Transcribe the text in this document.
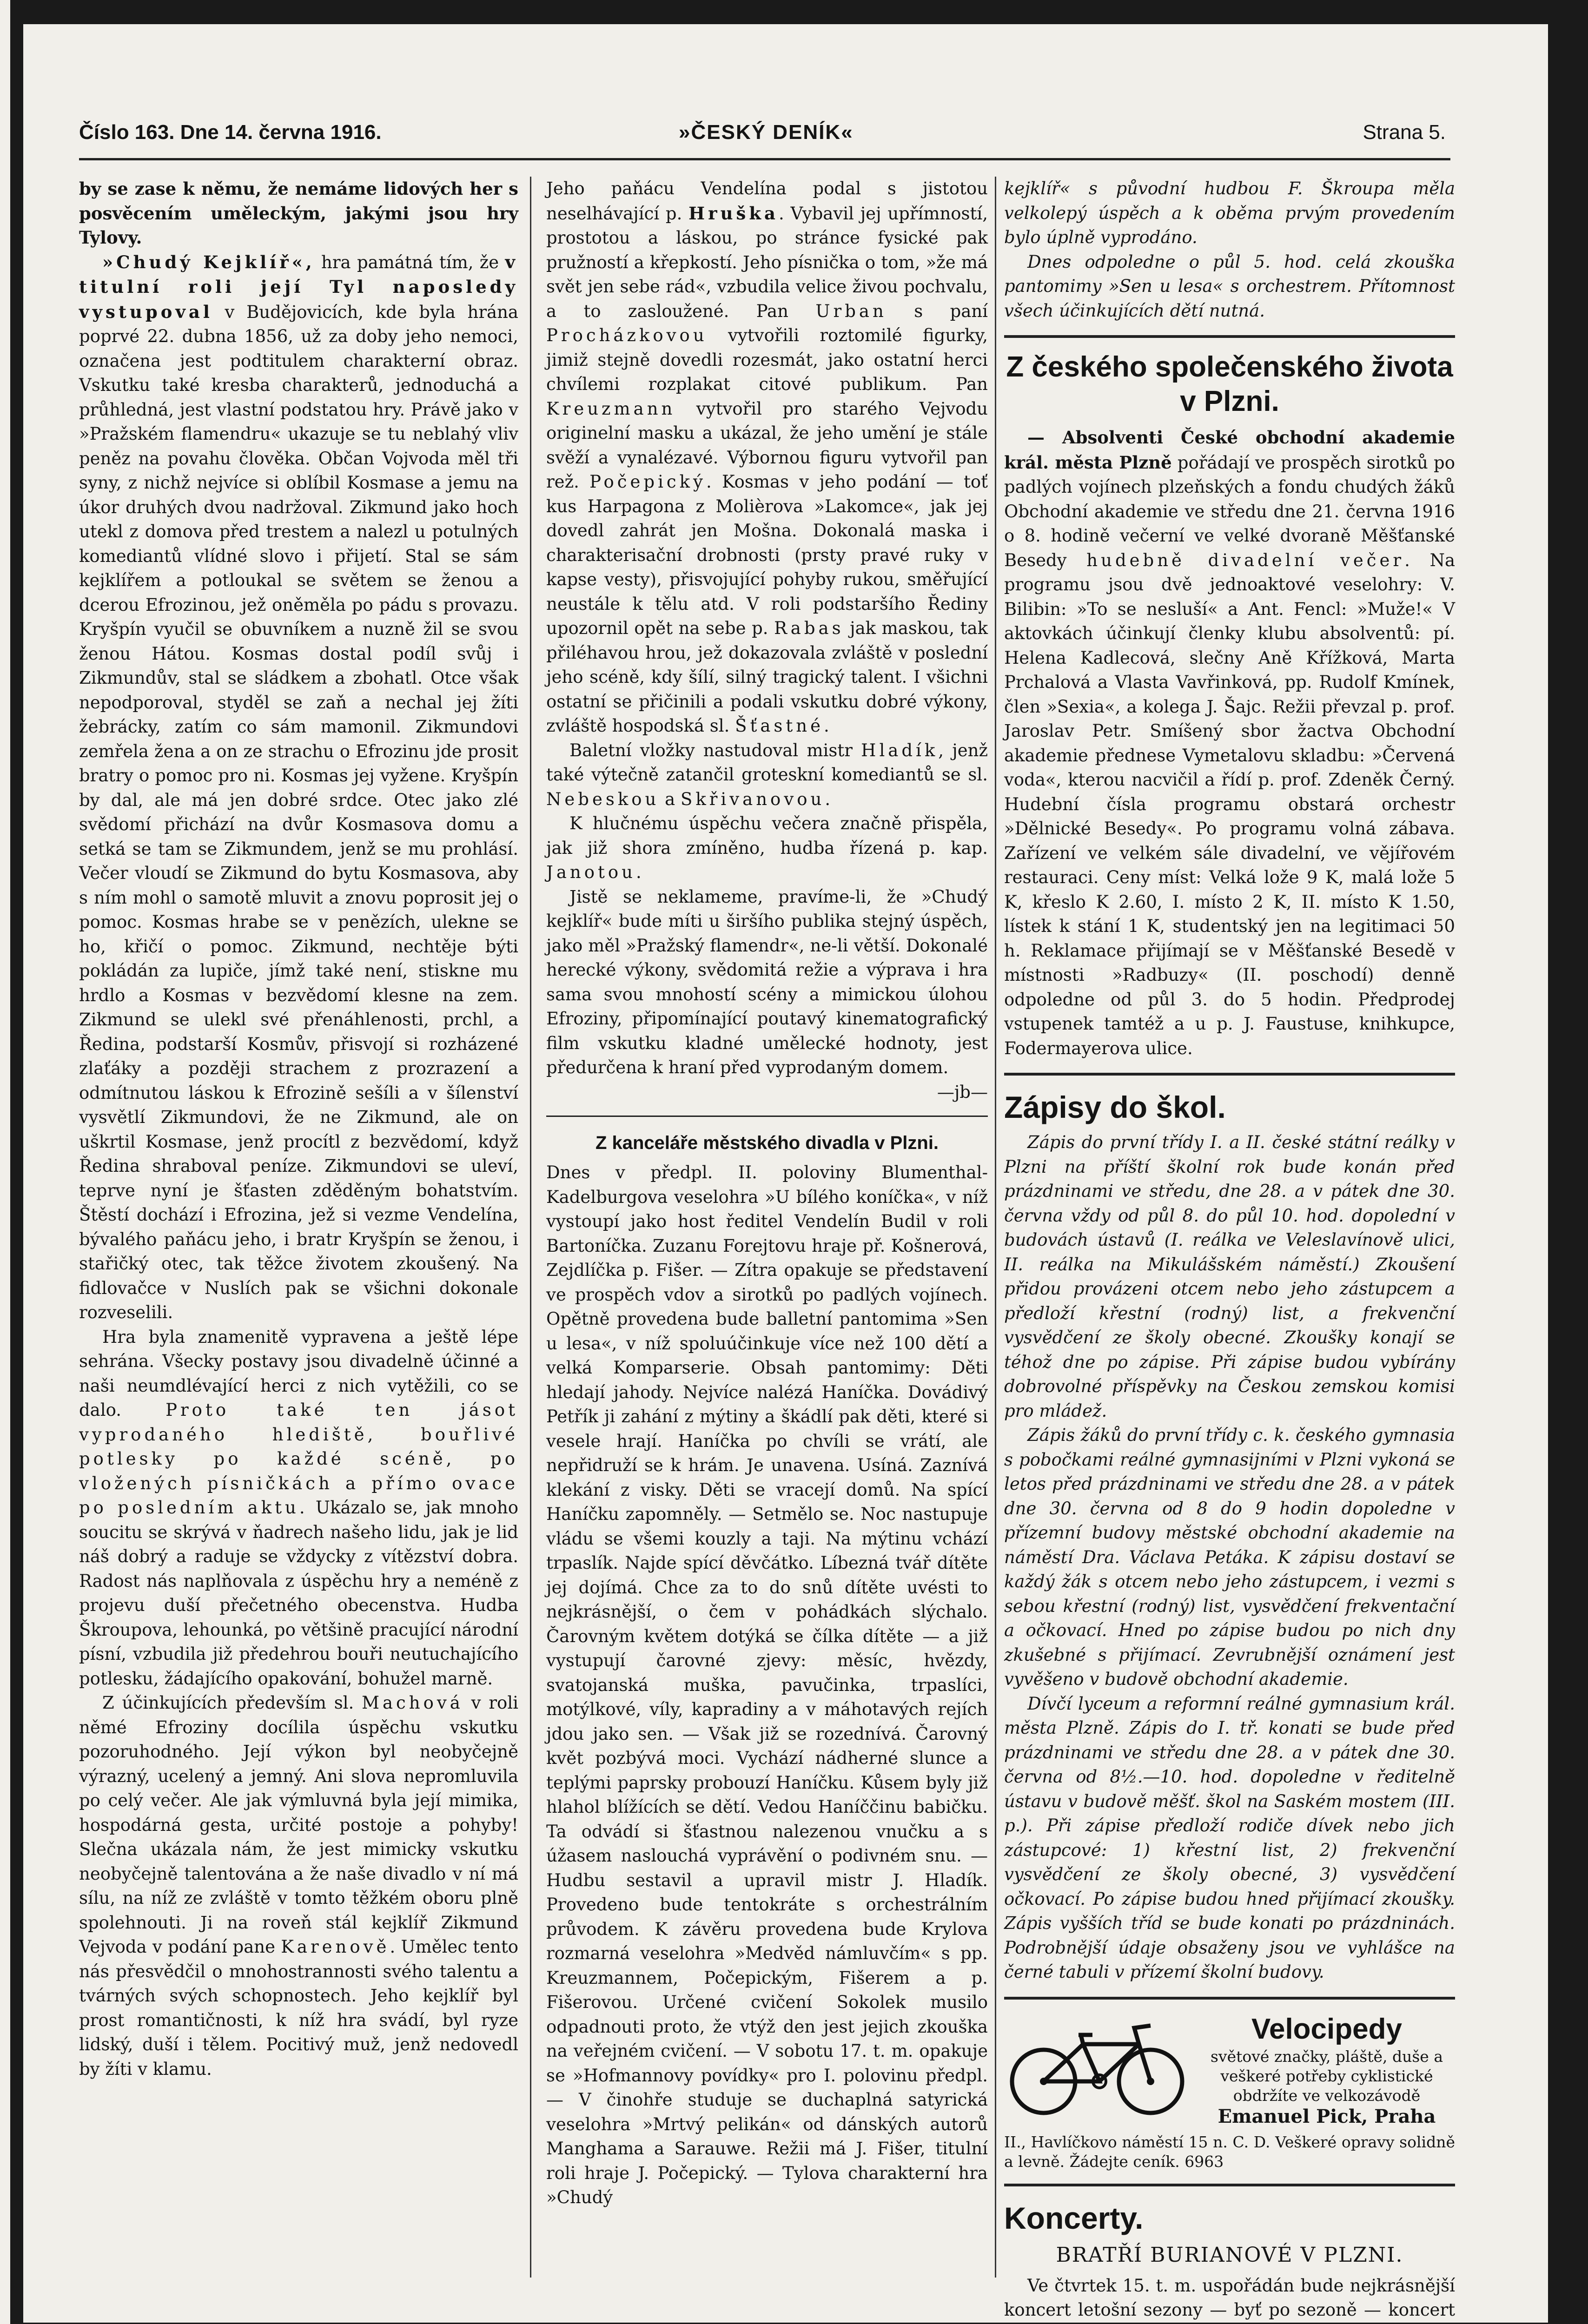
Číslo 163. Dne 14. června 1916.	»ČESKÝ DENÍK«	Strana 5.

by se zase k němu, že nemáme lidových her s posvěcením uměleckým, jakými jsou hry Tylovy.

»Chudý Kejklíř«, hra památná tím, že v titulní roli její Tyl naposledy vystupoval v Budějovicích, kde byla hrána poprvé 22. dubna 1856, už za doby jeho nemoci, označena jest podtitulem charakterní obraz. Vskutku také kresba charakterů, jednoduchá a průhledná, jest vlastní podstatou hry. Právě jako v »Pražském flamendru« ukazuje se tu neblahý vliv peněz na povahu člověka. Občan Vojvoda měl tři syny, z nichž nejvíce si oblíbil Kosmase a jemu na úkor druhých dvou nadržoval. Zikmund jako hoch utekl z domova před trestem a nalezl u potulných komediantů vlídné slovo i přijetí. Stal se sám kejklířem a potloukal se světem se ženou a dcerou Efrozinou, jež oněměla po pádu s provazu. Kryšpín vyučil se obuvníkem a nuzně žil se svou ženou Hátou. Kosmas dostal podíl svůj i Zikmundův, stal se sládkem a zbohatl. Otce však nepodporoval, styděl se zaň a nechal jej žíti žebrácky, zatím co sám mamonil. Zikmundovi zemřela žena a on ze strachu o Efrozinu jde prosit bratry o pomoc pro ni. Kosmas jej vyžene. Kryšpín by dal, ale má jen dobré srdce. Otec jako zlé svědomí přichází na dvůr Kosmasova domu a setká se tam se Zikmundem, jenž se mu prohlásí. Večer vloudí se Zikmund do bytu Kosmasova, aby s ním mohl o samotě mluvit a znovu poprosit jej o pomoc. Kosmas hrabe se v penězích, uleknе se ho, křičí o pomoc. Zikmund, nechtěje býti pokládán za lupiče, jímž také není, stiskne mu hrdlo a Kosmas v bezvědomí klesne na zem. Zikmund se ulekl své přenáhlenosti, prchl, a Ředina, podstarší Kosmův, přisvojí si rozházené zlaťáky a později strachem z prozrazení a odmítnutou láskou k Efrozině sešíli a v šílenství vysvětlí Zikmundovi, že ne Zikmund, ale on uškrtil Kosmase, jenž procítl z bezvědomí, když Ředina shraboval peníze. Zikmundovi se uleví, teprve nyní je šťasten zděděným bohatstvím. Štěstí dochází i Efrozina, jež si vezme Vendelína, bývalého paňácu jeho, i bratr Kryšpín se ženou, i stařičký otec, tak těžce životem zkoušený. Na fidlovačce v Nuslích pak se všichni dokonale rozveselili.

Hra byla znamenitě vypravena a ještě lépe sehrána. Všecky postavy jsou divadelně účinné a naši neumdlévající herci z nich vytěžili, co se dalo. Proto také ten jásot vyprodaného hlediště, bouřlivé potlesky po každé scéně, po vložených písničkách a přímo ovace po posledním aktu. Ukázalo se, jak mnoho soucitu se skrývá v ňadrech našeho lidu, jak je lid náš dobrý a raduje se vždycky z vítězství dobra. Radost nás naplňovala z úspěchu hry a neméně z projevu duší přečetného obecenstva. Hudba Škroupova, lehounká, po většině pracující národní písní, vzbudila již předehrou bouři neutuchajícího potlesku, žádajícího opakování, bohužel marně.

Z účinkujících především sl. Machová v roli němé Efroziny docílila úspěchu vskutku pozoruhodného. Její výkon byl neobyčejně výrazný, ucelený a jemný. Ani slova nepromluvila po celý večer. Ale jak výmluvná byla její mimika, hospodárná gesta, určité postoje a pohyby! Slečna ukázala nám, že jest mimicky vskutku neobyčejně talentována a že naše divadlo v ní má sílu, na níž ze zvláště v tomto těžkém oboru plně spolehnouti. Ji na roveň stál kejklíř Zikmund Vejvoda v podání pane Karenově. Umělec tento nás přesvědčil o mnohostrannosti svého talentu a tvárných svých schopnostech. Jeho kejklíř byl prost romantičnosti, k níž hra svádí, byl ryze lidský, duší i tělem. Pocitivý muž, jenž nedovedl by žíti v klamu.

Jeho paňácu Vendelína podal s jistotou neselhávající p. Hruška. Vybavil jej upřímností, prostotou a láskou, po stránce fysické pak pružností a křepkostí. Jeho písnička o tom, »že má svět jen sebe rád«, vzbudila velice živou pochvalu, a to zasloužené. Pan Urban s paní Procházkovou vytvořili roztomilé figurky, jimiž stejně dovedli rozesmát, jako ostatní herci chvílemi rozplakat citové publikum. Pan Kreuzmann vytvořil pro starého Vejvodu originelní masku a ukázal, že jeho umění je stále svěží a vynalézavé. Výbornou figuru vytvořil pan rež. Počepický. Kosmas v jeho podání — toť kus Harpagona z Molièrova »Lakomce«, jak jej dovedl zahrát jen Mošna. Dokonalá maska i charakterisační drobnosti (prsty pravé ruky v kapse vesty), přisvojující pohyby rukou, směřující neustále k tělu atd. V roli podstaršího Řediny upozornil opět na sebe p. Rabas jak maskou, tak přiléhavou hrou, jež dokazovala zvláště v poslední jeho scéně, kdy šílí, silný tragický talent. I všichni ostatní se přičinili a podali vskutku dobré výkony, zvláště hospodská sl. Šťastné.

Baletní vložky nastudoval mistr Hladík, jenž také výtečně zatančil groteskní komediantů se sl. Nebeskou a Skřivanovou.

K hlučnému úspěchu večera značně přispěla, jak již shora zmíněno, hudba řízená p. kap. Janotou.

Jistě se neklameme, pravíme-li, že »Chudý kejklíř« bude míti u širšího publika stejný úspěch, jako měl »Pražský flamendr«, ne-li větší. Dokonalé herecké výkony, svědomitá režie a výprava i hra sama svou mnohostí scény a mimickou úlohou Efroziny, připomínající poutavý kinematografický film vskutku kladné umělecké hodnoty, jest předurčena k hraní před vyprodaným domem.

—jb—
Z kanceláře městského divadla v Plzni.

Dnes v předpl. II. polovinу Blumenthal-Kadelburgova veselohra »U bílého koníčka«, v níž vystoupí jako host ředitel Vendelín Budil v roli Bartoníčka. Zuzanu Forejtovu hraje př. Košnerová, Zejdlíčka p. Fišer. — Zítra opakuje se představení ve prospěch vdov a sirotků po padlých vojínech. Opětně provedena bude balletní pantomima »Sen u lesa«, v níž spoluúčinkuje více než 100 dětí a velká Komparserie. Obsah pantomimy: Děti hledají jahody. Nejvíce nalézá Haníčka. Dovádivý Petřík ji zahání z mýtiny a škádlí pak děti, které si vesele hrají. Haníčka po chvíli se vrátí, ale nepřidruží se k hrám. Je unavena. Usíná. Zaznívá klekání z visky. Děti se vracejí domů. Na spící Haníčku zapomněly. — Setmělo se. Noc nastupuje vládu se všemi kouzly a taji. Na mýtinu vchází trpaslík. Najde spící děvčátko. Líbezná tvář dítěte jej dojímá. Chce za to do snů dítěte uvésti to nejkrásnější, o čem v pohádkách slýchalo. Čarovným květem dotýká se čílka dítěte — a již vystupují čarovné zjevy: měsíc, hvězdy, svatojanská muška, pavučinka, trpaslíci, motýlkové, víly, kapradiny a v máhotavých rejích jdou jako sen. — Však již se rozednívá. Čarovný květ pozbývá moci. Vychází nádherné slunce a teplými paprsky probouzí Haníčku. Kůsem byly již hlahol blížících se dětí. Vedou Haníččinu babičku. Ta odvádí si šťastnou nalezenou vnučku a s úžasem naslouchá vyprávění o podivném snu. — Hudbu sestavil a upravil mistr J. Hladík. Provedeno bude tentokráte s orchestrálním průvodem. K závěru provedena bude Krylova rozmarná veselohra »Medvěd námluvčím« s pp. Kreuzmannem, Počepickým, Fišerem a p. Fišerovou. Určené cvičení Sokolek musilo odpadnouti proto, že vtýž den jest jejich zkouška na veřejném cvičení. — V sobotu 17. t. m. opakuje se »Hofmannovy povídky« pro I. polovinu předpl. — V činohře studuje se duchaplná satyrická veselohra »Mrtvý pelikán« od dánských autorů Manghama a Sarauwe. Režii má J. Fišer, titulní roli hraje J. Počepický. — Tylova charakterní hra »Chudý

kejklíř« s původní hudbou F. Škroupa měla velkolepý úspěch a k oběma prvým provedením bylo úplně vyprodáno.

Dnes odpoledne o půl 5. hod. celá zkouška pantomimy »Sen u lesa« s orchestrem. Přítomnost všech účinkujících dětí nutná.

Z českého společenského života v Plzni.

— Absolventi České obchodní akademie král. města Plzně pořádají ve prospěch sirotků po padlých vojínech plzeňských a fondu chudých žáků Obchodní akademie ve středu dne 21. června 1916 o 8. hodině večerní ve velké dvoraně Měšťanské Besedy hudebně divadelní večer. Na programu jsou dvě jednoaktové veselohry: V. Bilibin: »To se nesluší« a Ant. Fencl: »Muže!« V aktovkách účinkují členky klubu absolventů: pí. Helena Kadlecová, slečny Aně Křížková, Marta Prchalová a Vlasta Vavřinková, pp. Rudolf Kmínek, člen »Sexia«, a kolega J. Šajc. Režii převzal p. prof. Jaroslav Petr. Smíšený sbor žactva Obchodní akademie přednese Vymetalovu skladbu: »Červená voda«, kterou nacvičil a řídí p. prof. Zdeněk Černý. Hudební čísla programu obstará orchestr »Dělnické Besedy«. Po programu volná zábava. Zařízení ve velkém sále divadelní, ve vějířovém restauraci. Ceny míst: Velká lože 9 K, malá lože 5 K, křeslo K 2.60, I. místo 2 K, II. místo K 1.50, lístek k stání 1 K, studentský jen na legitimaci 50 h. Reklamace přijímají se v Měšťanské Besedě v místnosti »Radbuzy« (II. poschodí) denně odpoledne od půl 3. do 5 hodin. Předprodej vstupenek tamtéž a u p. J. Faustuse, knihkupce, Fodermayerova ulice.

Zápisy do škol.

Zápis do první třídy I. a II. české státní reálky v Plzni na příští školní rok bude konán před prázdninami ve středu, dne 28. a v pátek dne 30. června vždy od půl 8. do půl 10. hod. dopolední v budovách ústavů (I. reálka ve Veleslavínově ulici, II. reálka na Mikulášském náměstí.) Zkoušení přidou provázeni otcem nebo jeho zástupcem a předloží křestní (rodný) list, a frekvenční vysvědčení ze školy obecné. Zkoušky konají se téhož dne po zápise. Při zápise budou vybírány dobrovolné příspěvky na Českou zemskou komisi pro mládež.

Zápis žáků do první třídy c. k. českého gymnasia s pobočkami reálné gymnasijními v Plzni vykoná se letos před prázdninami ve středu dne 28. a v pátek dne 30. června od 8 do 9 hodin dopoledne v přízemní budovy městské obchodní akademie na náměstí Dra. Václava Petáka. K zápisu dostaví se každý žák s otcem nebo jeho zástupcem, i vezmi s sebou křestní (rodný) list, vysvědčení frekventační a očkovací. Hned po zápise budou po nich dny zkušebné s přijímací. Zevrubnější oznámení jest vyvěšeno v budově obchodní akademie.

Dívčí lyceum a reformní reálné gymnasium král. města Plzně. Zápis do I. tř. konati se bude před prázdninami ve středu dne 28. a v pátek dne 30. června od 8½.—10. hod. dopoledne v ředitelně ústavu v budově měšť. škol na Saském mostem (III. p.). Při zápise předloží rodiče dívek nebo jich zástupcové: 1) křestní list, 2) frekvenční vysvědčení ze školy obecné, 3) vysvědčení očkovací. Po zápise budou hned přijímací zkoušky. Zápis vyšších tříd se bude konati po prázdninách. Podrobnější údaje obsaženy jsou ve vyhlášce na černé tabuli v přízemí školní budovy.

Velocipedy
světové značky, pláště, duše a veškeré potřeby cyklistické obdržíte ve velkozávodě
Emanuel Pick, Praha
II., Havlíčkovo náměstí 15 n. C. D. Veškeré opravy solidně a levně. Žádejte ceník. 6963
Koncerty.
BRATŘÍ BURIANOVÉ V PLZNI.

Ve čtvrtek 15. t. m. uspořádán bude nejkrásnější koncert letošní sezony — byť po sezoně — koncert
